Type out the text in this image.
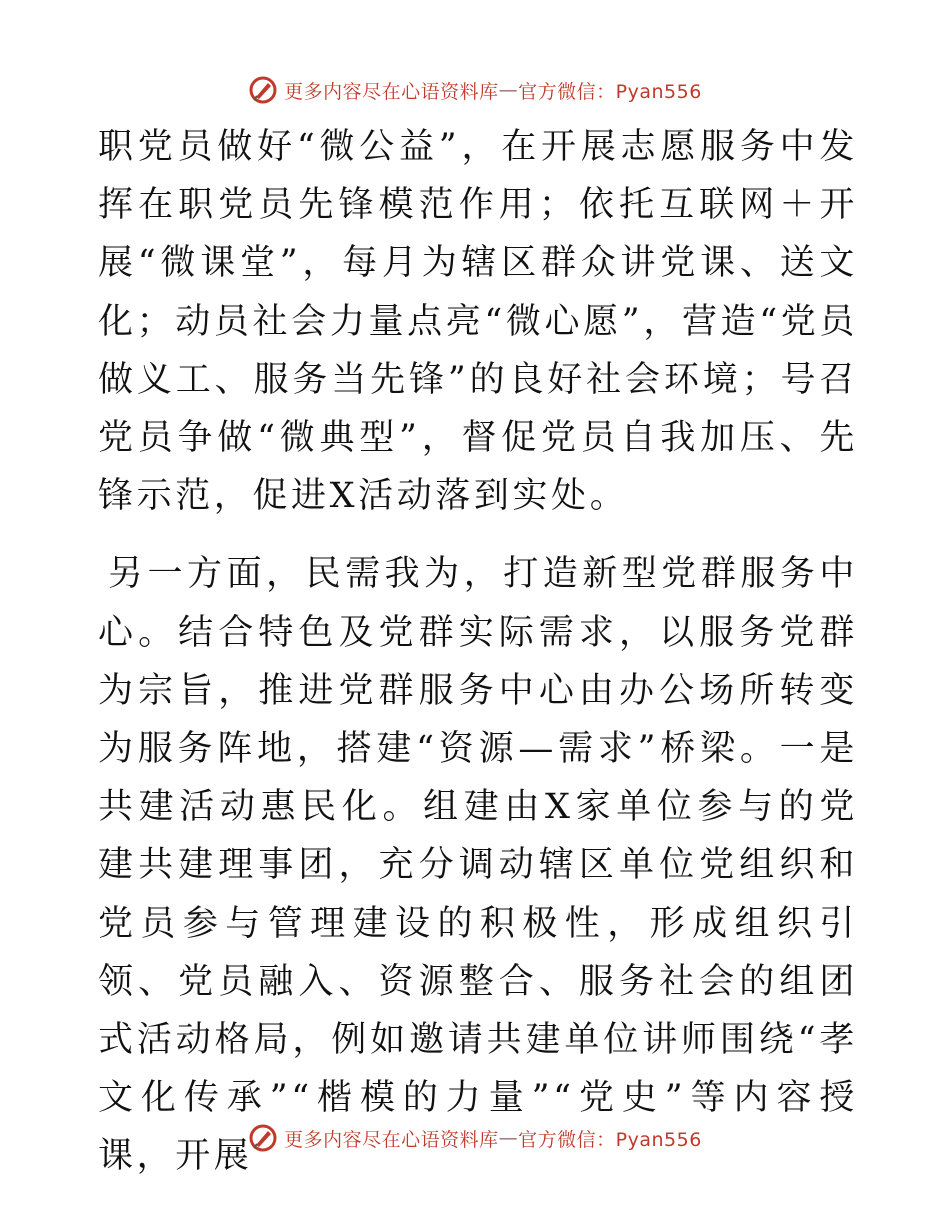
更多内容尽在心语资料库 — 官方微信：Pyan556

职党员做好“微公益”，在开展志愿服务中发挥在职党员先锋模范作用；依托互联网＋开展“微课堂”，每月为辖区群众讲党课、送文化；动员社会力量点亮“微心愿”，营造“党员做义工、服务当先锋”的良好社会环境；号召党员争做“微典型”，督促党员自我加压、先锋示范，促进X活动落到实处。

另一方面，民需我为，打造新型党群服务中心。结合特色及党群实际需求，以服务党群为宗旨，推进党群服务中心由办公场所转变为服务阵地，搭建“资源—需求”桥梁。一是共建活动惠民化。组建由X家单位参与的党建共建理事团，充分调动辖区单位党组织和党员参与管理建设的积极性，形成组织引领、党员融入、资源整合、服务社会的组团式活动格局，例如邀请共建单位讲师围绕“孝文化传承”“楷模的力量”“党史”等内容授课，开展	更多内容尽在心语资料库 — 官方微信：Pyan556
